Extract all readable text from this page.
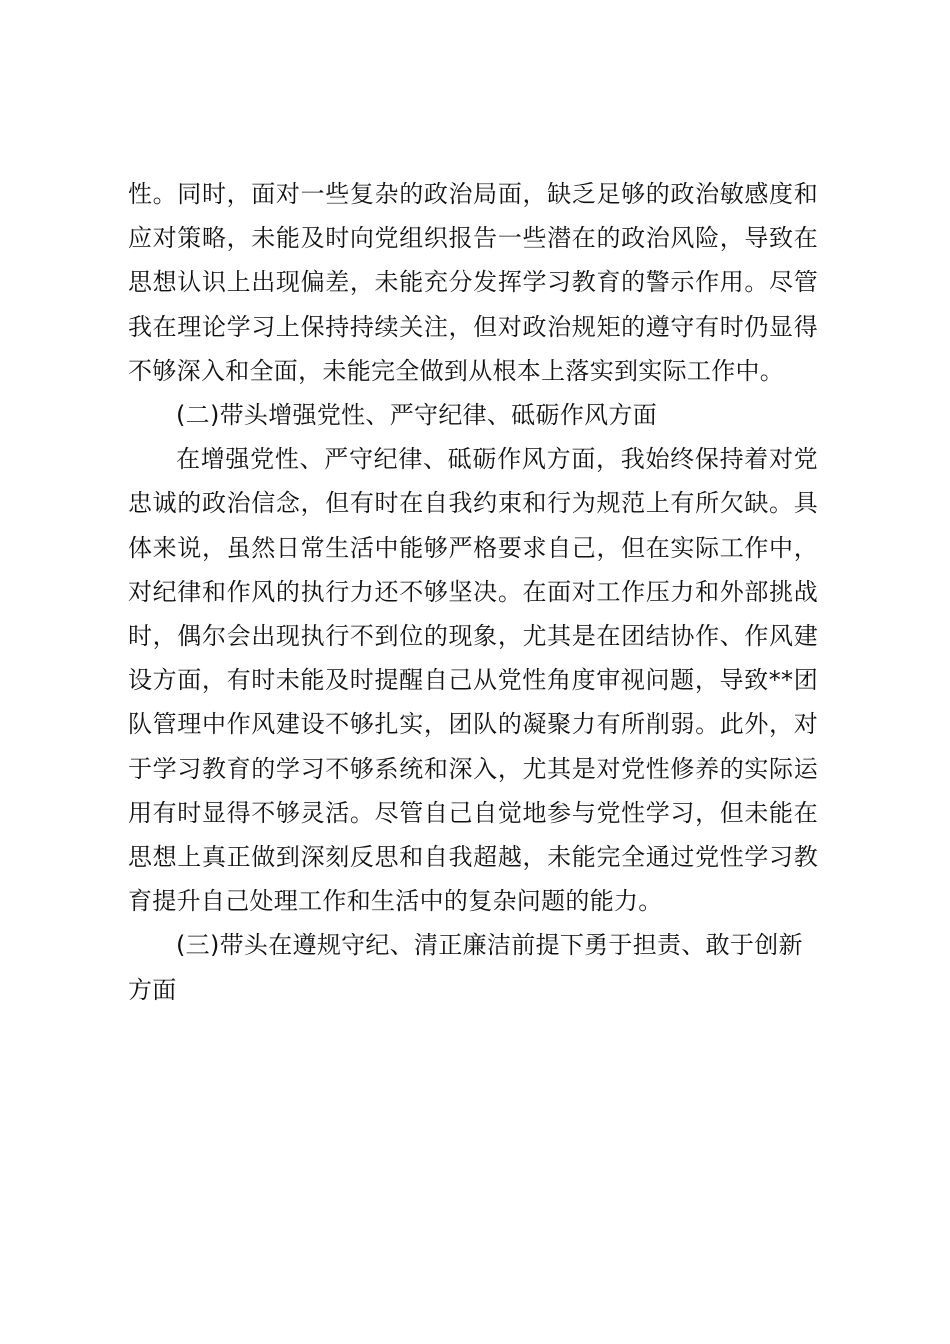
性。同时，面对一些复杂的政治局面，缺乏足够的政治敏感度和应对策略，未能及时向党组织报告一些潜在的政治风险，导致在思想认识上出现偏差，未能充分发挥学习教育的警示作用。尽管我在理论学习上保持持续关注，但对政治规矩的遵守有时仍显得不够深入和全面，未能完全做到从根本上落实到实际工作中。

(二)带头增强党性、严守纪律、砥砺作风方面

在增强党性、严守纪律、砥砺作风方面，我始终保持着对党忠诚的政治信念，但有时在自我约束和行为规范上有所欠缺。具体来说，虽然日常生活中能够严格要求自己，但在实际工作中，对纪律和作风的执行力还不够坚决。在面对工作压力和外部挑战时，偶尔会出现执行不到位的现象，尤其是在团结协作、作风建设方面，有时未能及时提醒自己从党性角度审视问题，导致**团队管理中作风建设不够扎实，团队的凝聚力有所削弱。此外，对于学习教育的学习不够系统和深入，尤其是对党性修养的实际运用有时显得不够灵活。尽管自己自觉地参与党性学习，但未能在思想上真正做到深刻反思和自我超越，未能完全通过党性学习教育提升自己处理工作和生活中的复杂问题的能力。

(三)带头在遵规守纪、清正廉洁前提下勇于担责、敢于创新方面
